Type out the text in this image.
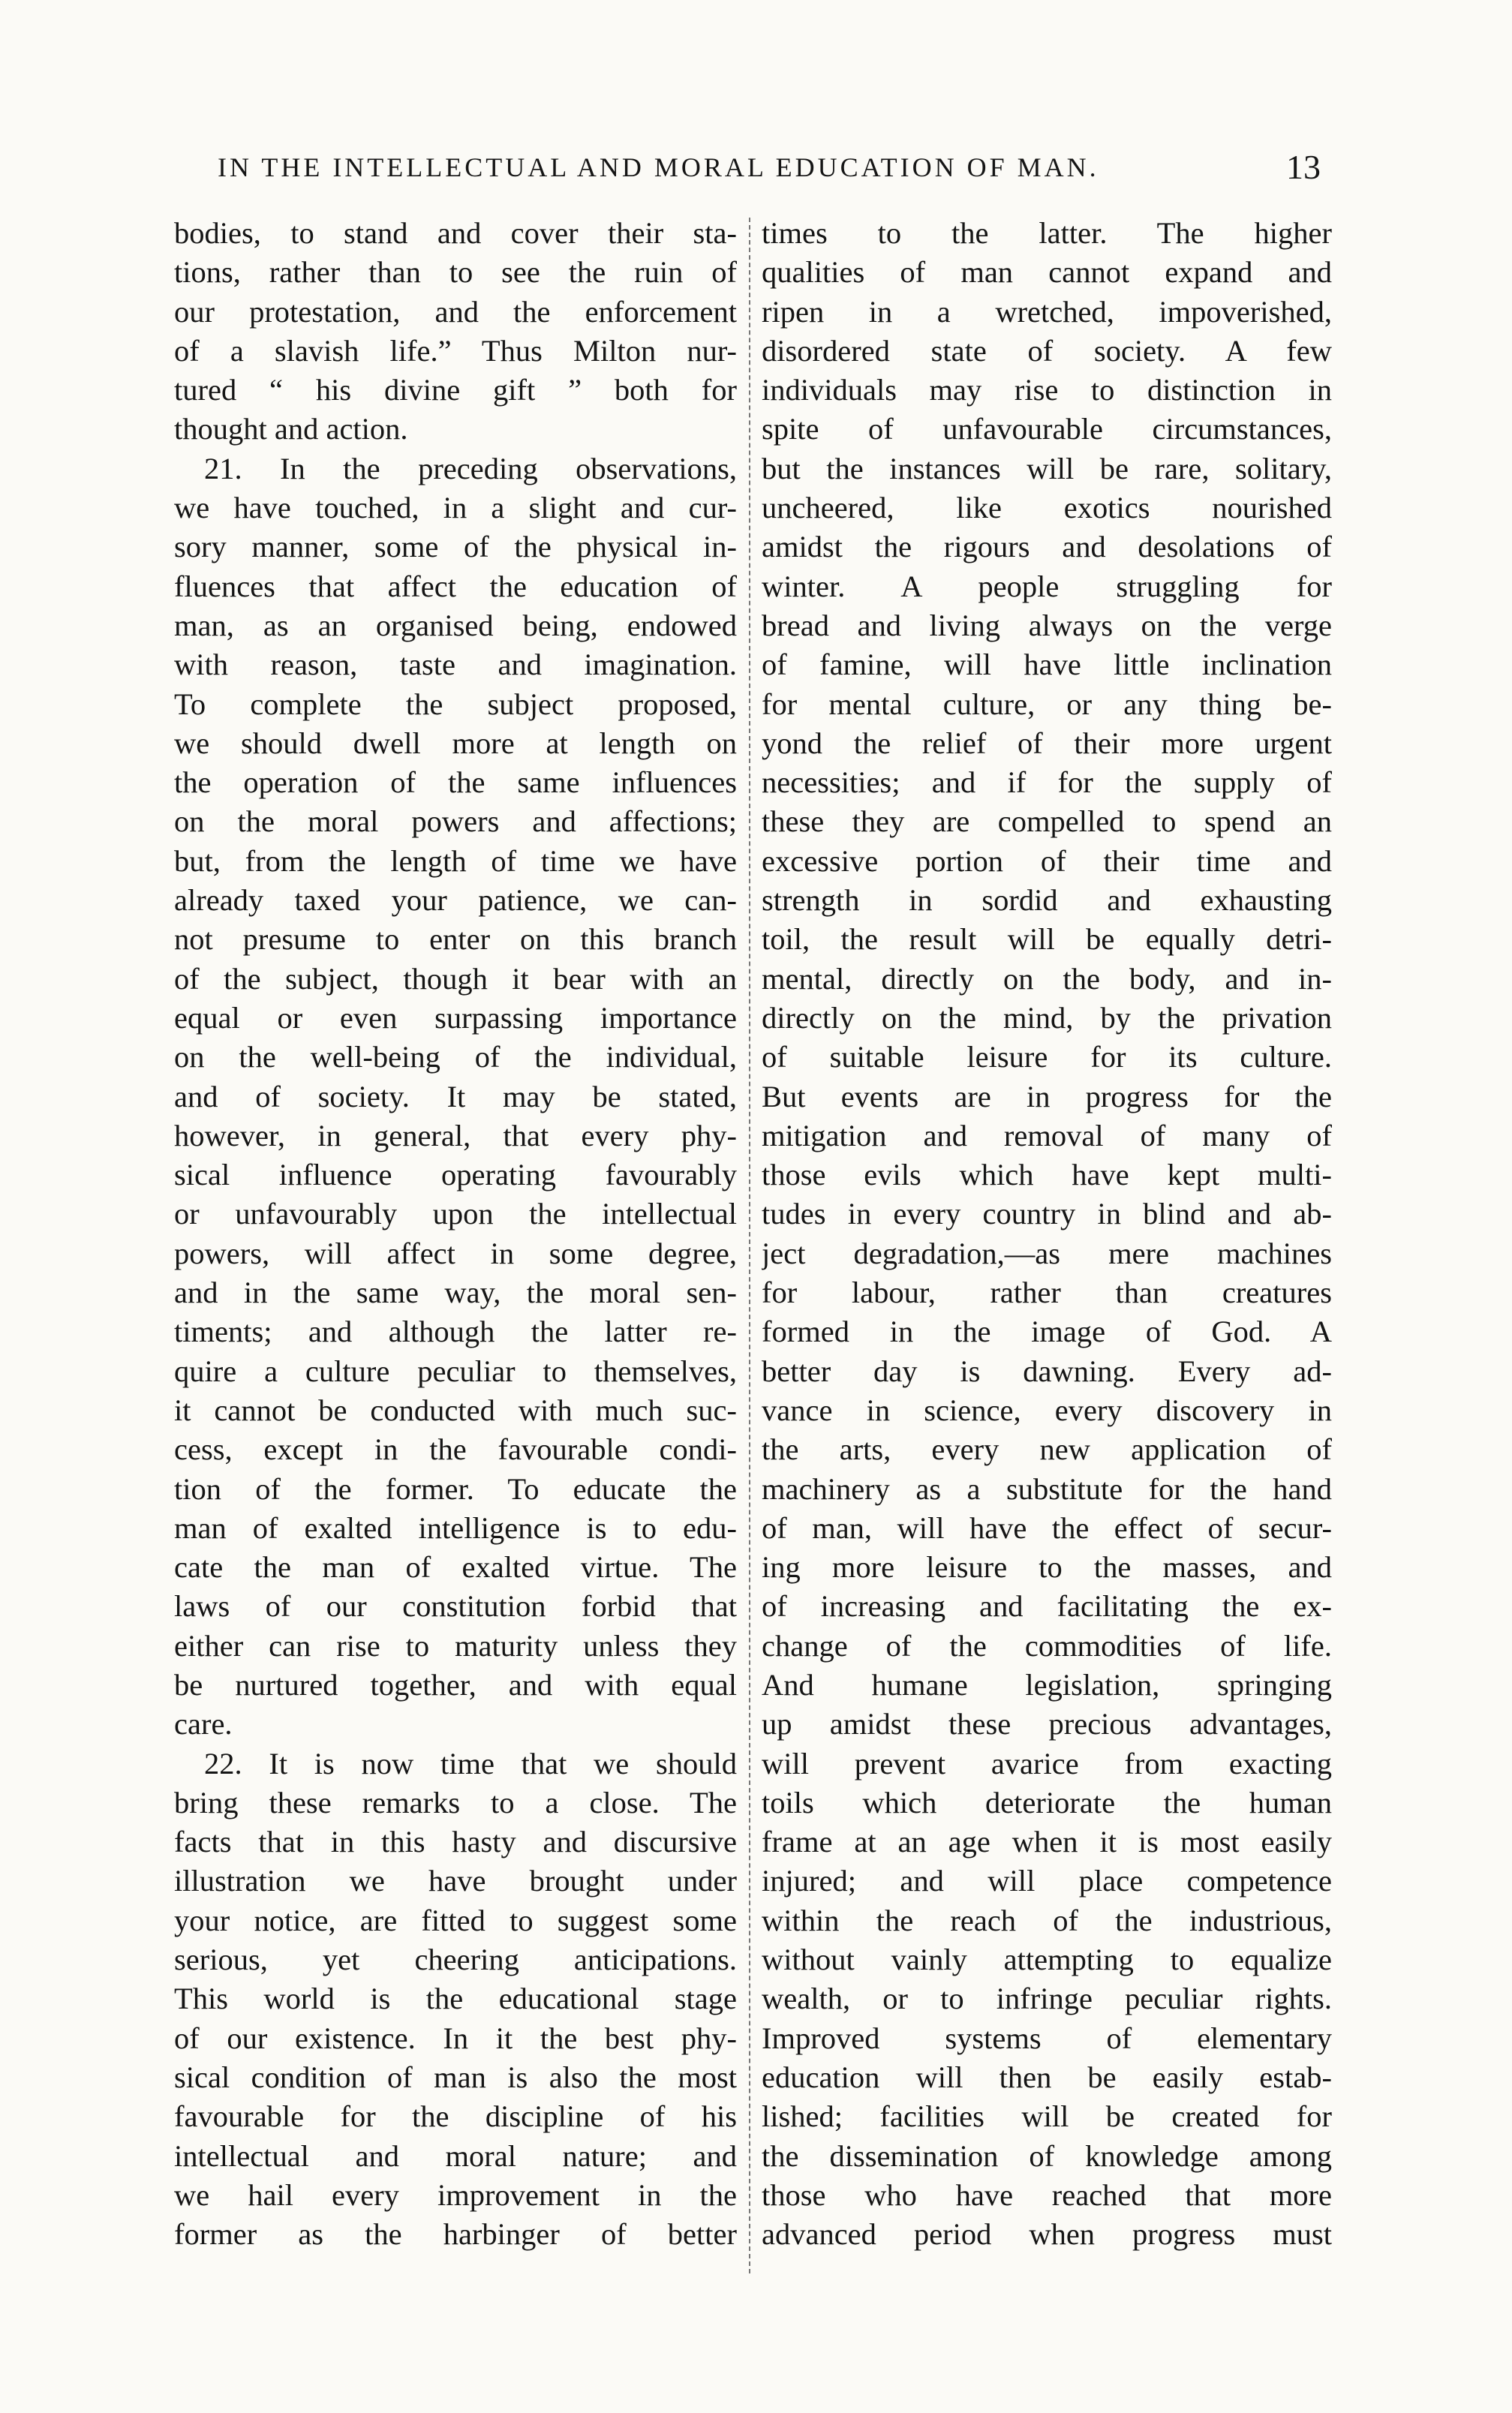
IN THE INTELLECTUAL AND MORAL EDUCATION OF MAN.	13
bodies, to stand and cover their sta-
tions, rather than to see the ruin of
our protestation, and the enforcement
of a slavish life.” Thus Milton nur-
tured “ his divine gift ” both for
thought and action.
21. In the preceding observations,
we have touched, in a slight and cur-
sory manner, some of the physical in-
fluences that affect the education of
man, as an organised being, endowed
with reason, taste and imagination.
To complete the subject proposed,
we should dwell more at length on
the operation of the same influences
on the moral powers and affections;
but, from the length of time we have
already taxed your patience, we can-
not presume to enter on this branch
of the subject, though it bear with an
equal or even surpassing importance
on the well-being of the individual,
and of society. It may be stated,
however, in general, that every phy-
sical influence operating favourably
or unfavourably upon the intellectual
powers, will affect in some degree,
and in the same way, the moral sen-
timents; and although the latter re-
quire a culture peculiar to themselves,
it cannot be conducted with much suc-
cess, except in the favourable condi-
tion of the former. To educate the
man of exalted intelligence is to edu-
cate the man of exalted virtue. The
laws of our constitution forbid that
either can rise to maturity unless they
be nurtured together, and with equal
care.
22. It is now time that we should
bring these remarks to a close. The
facts that in this hasty and discursive
illustration we have brought under
your notice, are fitted to suggest some
serious, yet cheering anticipations.
This world is the educational stage
of our existence. In it the best phy-
sical condition of man is also the most
favourable for the discipline of his
intellectual and moral nature; and
we hail every improvement in the
former as the harbinger of better
times to the latter. The higher
qualities of man cannot expand and
ripen in a wretched, impoverished,
disordered state of society. A few
individuals may rise to distinction in
spite of unfavourable circumstances,
but the instances will be rare, solitary,
uncheered, like exotics nourished
amidst the rigours and desolations of
winter. A people struggling for
bread and living always on the verge
of famine, will have little inclination
for mental culture, or any thing be-
yond the relief of their more urgent
necessities; and if for the supply of
these they are compelled to spend an
excessive portion of their time and
strength in sordid and exhausting
toil, the result will be equally detri-
mental, directly on the body, and in-
directly on the mind, by the privation
of suitable leisure for its culture.
But events are in progress for the
mitigation and removal of many of
those evils which have kept multi-
tudes in every country in blind and ab-
ject degradation,—as mere machines
for labour, rather than creatures
formed in the image of God. A
better day is dawning. Every ad-
vance in science, every discovery in
the arts, every new application of
machinery as a substitute for the hand
of man, will have the effect of secur-
ing more leisure to the masses, and
of increasing and facilitating the ex-
change of the commodities of life.
And humane legislation, springing
up amidst these precious advantages,
will prevent avarice from exacting
toils which deteriorate the human
frame at an age when it is most easily
injured; and will place competence
within the reach of the industrious,
without vainly attempting to equalize
wealth, or to infringe peculiar rights.
Improved systems of elementary
education will then be easily estab-
lished; facilities will be created for
the dissemination of knowledge among
those who have reached that more
advanced period when progress must
